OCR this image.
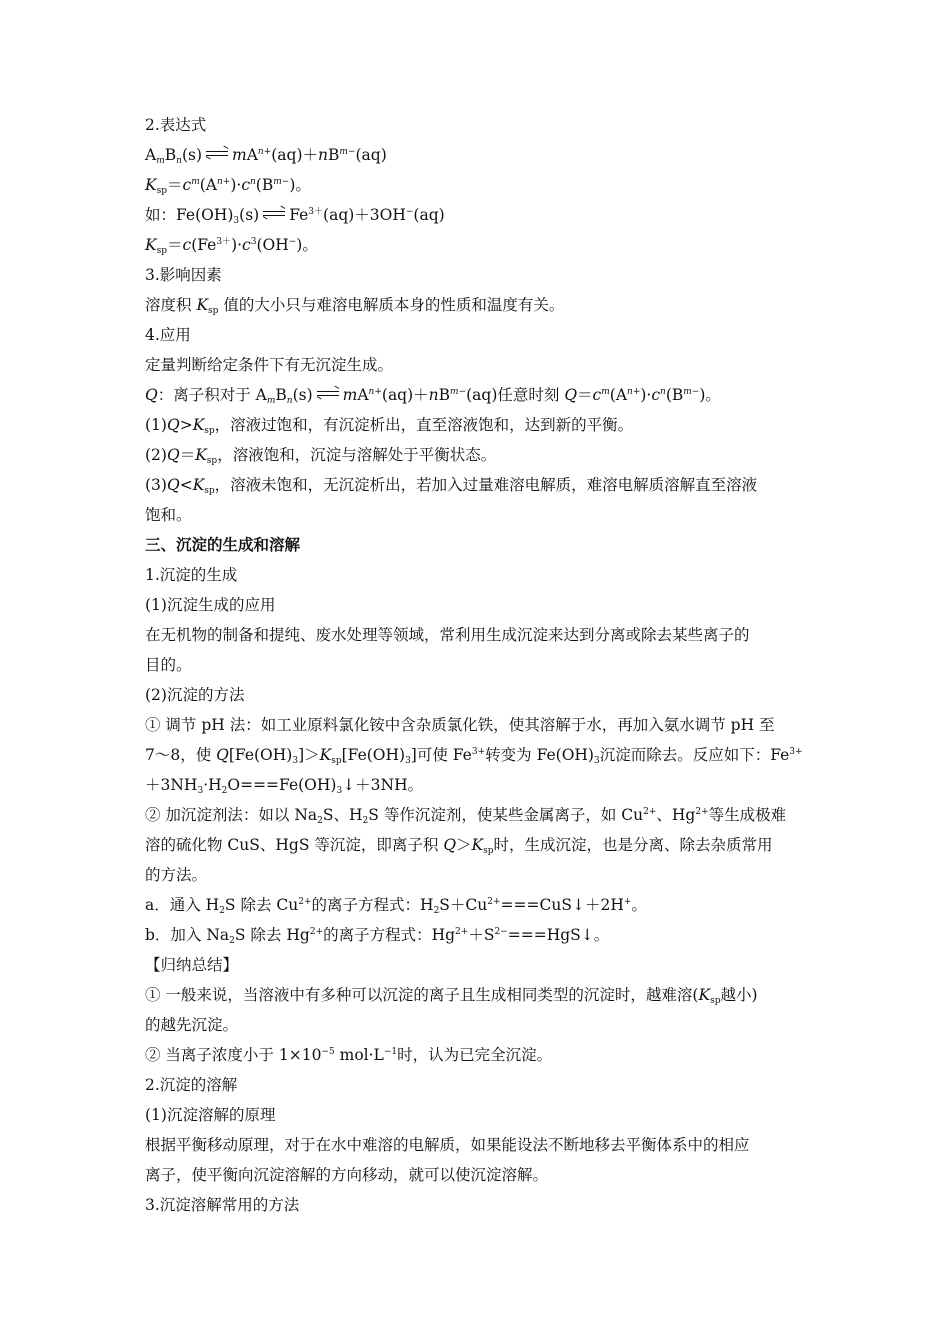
2.表达式
$A_mB_n(s)$ $mA^{n+}(aq)+nB^{m-}(aq)$
$K_{sp}=c^m(A^{n+})\cdot c^n(B^{m-})$。
如：$Fe(OH)_3(s)$ $Fe^{3+}(aq)+3OH^-(aq)$
$K_{sp}=c(Fe^{3+})\cdot c^3(OH^-)$。
3.影响因素
溶度积 $K_{sp}$ 值的大小只与难溶电解质本身的性质和温度有关。
4.应用
定量判断给定条件下有无沉淀生成。
Q：离子积对于 $A_mB_n(s)$ $mA^{n+}(aq)+nB^{m-}(aq)$任意时刻 $Q=c^m(A^{n+})\cdot c^n(B^{m-})$。
$(1)Q>K_{sp}$，溶液过饱和，有沉淀析出，直至溶液饱和，达到新的平衡。
$(2)Q=K_{sp}$，溶液饱和，沉淀与溶解处于平衡状态。
$(3)Q<K_{sp}$，溶液未饱和，无沉淀析出，若加入过量难溶电解质，难溶电解质溶解直至溶液
饱和。
三、沉淀的生成和溶解
1.沉淀的生成
(1)沉淀生成的应用
在无机物的制备和提纯、废水处理等领域，常利用生成沉淀来达到分离或除去某些离子的
目的。
(2)沉淀的方法
① 调节 pH 法：如工业原料氯化铵中含杂质氯化铁，使其溶解于水，再加入氨水调节 pH 至
7～8，使 $Q[Fe(OH)_3]>K_{sp}[Fe(OH)_3]$可使 $Fe^{3+}$转变为 $Fe(OH)_3$沉淀而除去。反应如下：$Fe^{3+}$
$+3NH_3\cdot H_2O===Fe(OH)_3↓+3NH$。
② 加沉淀剂法：如以 $Na_2S$、$H_2S$ 等作沉淀剂，使某些金属离子，如 $Cu^{2+}$、$Hg^{2+}$等生成极难
溶的硫化物 CuS、HgS 等沉淀，即离子积 $Q>K_{sp}$时，生成沉淀，也是分离、除去杂质常用
的方法。
a．通入 $H_2S$ 除去 $Cu^{2+}$的离子方程式：$H_2S+Cu^{2+}===CuS↓+2H^+$。
b．加入 $Na_2S$ 除去 $Hg^{2+}$的离子方程式：$Hg^{2+}+S^{2-}===HgS↓$。
【归纳总结】
① 一般来说，当溶液中有多种可以沉淀的离子且生成相同类型的沉淀时，越难溶($K_{sp}$越小)
的越先沉淀。
② 当离子浓度小于 $1\times 10^{-5}$ $mol\cdot L^{-1}$时，认为已完全沉淀。
2.沉淀的溶解
(1)沉淀溶解的原理
根据平衡移动原理，对于在水中难溶的电解质，如果能设法不断地移去平衡体系中的相应
离子，使平衡向沉淀溶解的方向移动，就可以使沉淀溶解。
3.沉淀溶解常用的方法
